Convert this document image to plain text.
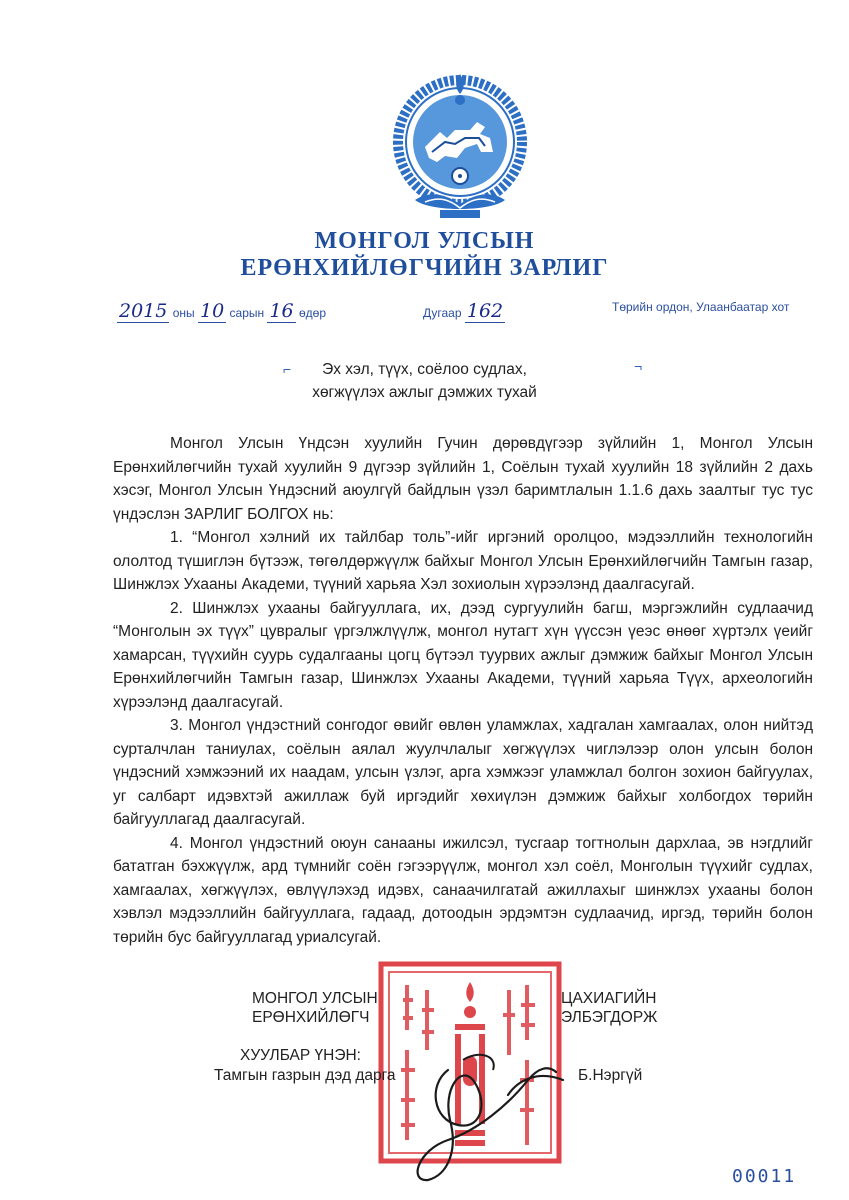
МОНГОЛ УЛСЫН
ЕРӨНХИЙЛӨГЧИЙН ЗАРЛИГ
2015 оны 10 сарын 16 өдөр	Дугаар 162	Төрийн ордон, Улаанбаатар хот
⌐	¬
Эх хэл, түүх, соёлоо судлах,
хөгжүүлэх ажлыг дэмжих тухай

Монгол Улсын Үндсэн хуулийн Гучин дөрөвдүгээр зүйлийн 1, Монгол Улсын Ерөнхийлөгчийн тухай хуулийн 9 дүгээр зүйлийн 1, Соёлын тухай хуулийн 18 зүйлийн 2 дахь хэсэг, Монгол Улсын Үндэсний аюулгүй байдлын үзэл баримтлалын 1.1.6 дахь заалтыг тус тус үндэслэн ЗАРЛИГ БОЛГОХ нь:

1. “Монгол хэлний их тайлбар толь”-ийг иргэний оролцоо, мэдээллийн технологийн ололтод түшиглэн бүтээж, төгөлдөржүүлж байхыг Монгол Улсын Ерөнхийлөгчийн Тамгын газар, Шинжлэх Ухааны Академи, түүний харьяа Хэл зохиолын хүрээлэнд даалгасугай.

2. Шинжлэх ухааны байгууллага, их, дээд сургуулийн багш, мэргэжлийн судлаачид “Монголын эх түүх” цувралыг үргэлжлүүлж, монгол нутагт хүн үүссэн үеэс өнөөг хүртэлх үеийг хамарсан, түүхийн суурь судалгааны цогц бүтээл туурвих ажлыг дэмжиж байхыг Монгол Улсын Ерөнхийлөгчийн Тамгын газар, Шинжлэх Ухааны Академи, түүний харьяа Түүх, археологийн хүрээлэнд даалгасугай.

3. Монгол үндэстний сонгодог өвийг өвлөн уламжлах, хадгалан хамгаалах, олон нийтэд сурталчлан таниулах, соёлын аялал жуулчлалыг хөгжүүлэх чиглэлээр олон улсын болон үндэсний хэмжээний их наадам, улсын үзлэг, арга хэмжээг уламжлал болгон зохион байгуулах, уг салбарт идэвхтэй ажиллаж буй иргэдийг хөхиүлэн дэмжиж байхыг холбогдох төрийн байгууллагад даалгасугай.

4. Монгол үндэстний оюун санааны ижилсэл, тусгаар тогтнолын дархлаа, эв нэгдлийг бататган бэхжүүлж, ард түмнийг соён гэгээрүүлж, монгол хэл соёл, Монголын түүхийг судлах, хамгаалах, хөгжүүлэх, өвлүүлэхэд идэвх, санаачилгатай ажиллахыг шинжлэх ухааны болон хэвлэл мэдээллийн байгууллага, гадаад, дотоодын эрдэмтэн судлаачид, иргэд, төрийн болон төрийн бус байгууллагад уриалсугай.

МОНГОЛ УЛСЫН
ЕРӨНХИЙЛӨГЧ
ЦАХИАГИЙН
ЭЛБЭГДОРЖ
ХУУЛБАР ҮНЭН:
Тамгын газрын дэд дарга	Б.Нэргүй
00011
